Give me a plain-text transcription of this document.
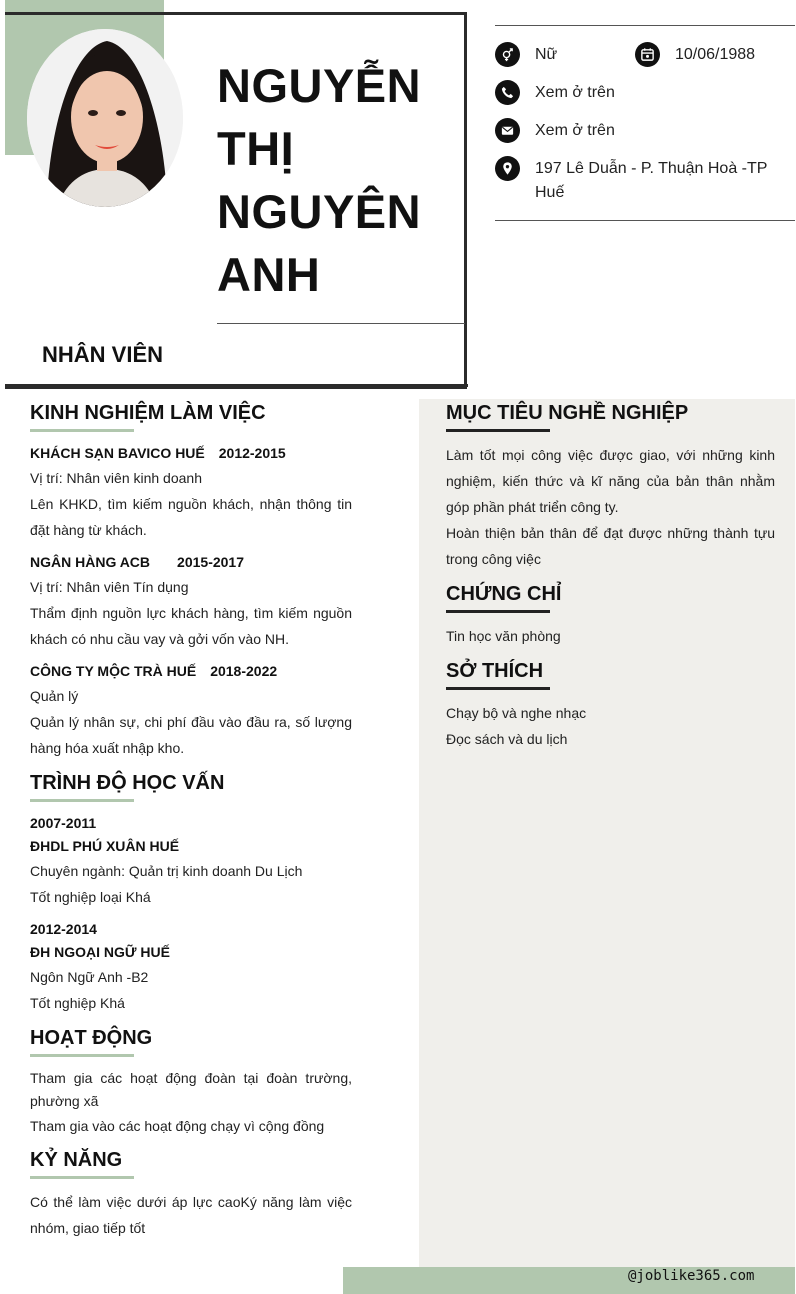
NGUYỄN
THỊ
NGUYÊN
ANH
NHÂN VIÊN
Nữ	10/06/1988
Xem ở trên
Xem ở trên
197 Lê Duẫn - P. Thuận Hoà -TP Huế
@joblike365.com
KINH NGHIỆM LÀM VIỆC
KHÁCH SẠN BAVICO HUẾ 2012-2015
Vị trí: Nhân viên kinh doanh
Lên KHKD, tìm kiếm nguồn khách, nhận thông tin đặt hàng từ khách.
NGÂN HÀNG ACB 2015-2017
Vị trí: Nhân viên Tín dụng
Thẩm định nguồn lực khách hàng, tìm kiếm nguồn khách có nhu cầu vay và gởi vốn vào NH.
CÔNG TY MỘC TRÀ HUẾ 2018-2022
Quản lý
Quản lý nhân sự, chi phí đầu vào đầu ra, số lượng hàng hóa xuất nhập kho.
TRÌNH ĐỘ HỌC VẤN
2007-2011
ĐHDL PHÚ XUÂN HUẾ
Chuyên ngành: Quản trị kinh doanh Du Lịch
Tốt nghiệp loại Khá
2012-2014
ĐH NGOẠI NGỮ HUẾ
Ngôn Ngữ Anh -B2
Tốt nghiệp Khá
HOẠT ĐỘNG
Tham gia các hoạt động đoàn tại đoàn trường, phường xã
Tham gia vào các hoạt động chạy vì cộng đồng
KỶ NĂNG
Có thể làm việc dưới áp lực caoKý năng làm việc nhóm, giao tiếp tốt
MỤC TIÊU NGHỀ NGHIỆP
Làm tốt mọi công việc được giao, với những kinh nghiệm, kiến thức và kĩ năng của bản thân nhằm góp phần phát triển công ty.
Hoàn thiện bản thân để đạt được những thành tựu trong công việc
CHỨNG CHỈ
Tin học văn phòng
SỞ THÍCH
Chạy bộ và nghe nhạc
Đọc sách và du lịch
